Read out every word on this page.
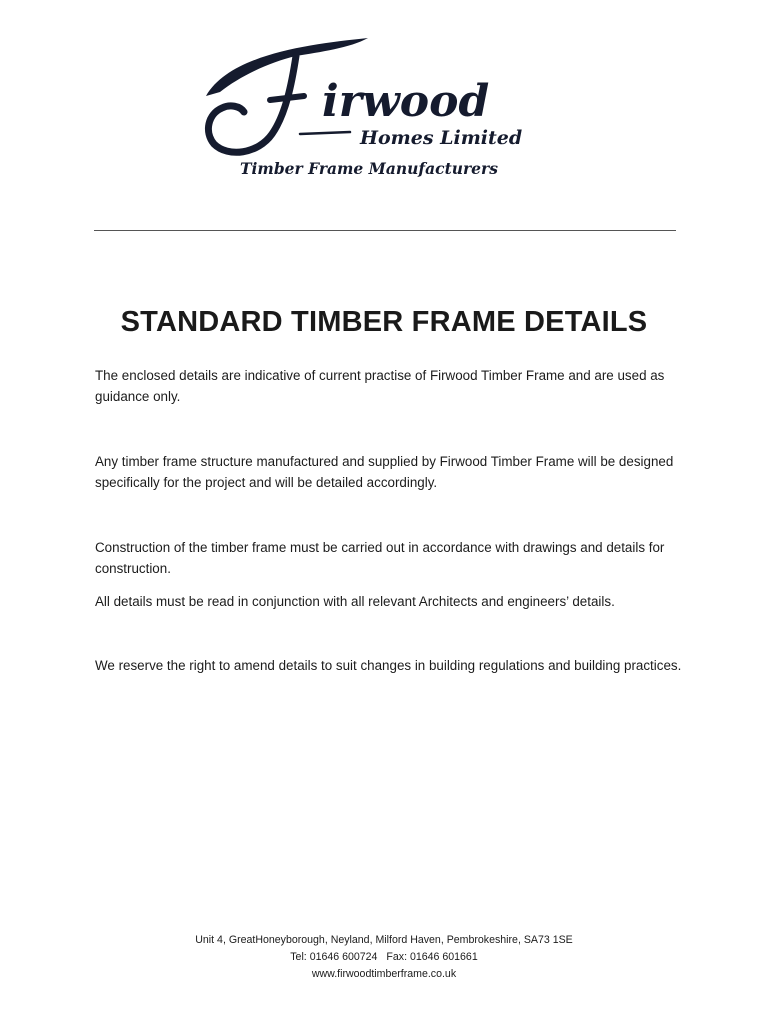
irwood
Homes Limited
Timber Frame Manufacturers
STANDARD TIMBER FRAME DETAILS

The enclosed details are indicative of current practise of Firwood Timber Frame and are used as guidance only.

Any timber frame structure manufactured and supplied by Firwood Timber Frame will be designed specifically for the project and will be detailed accordingly.

Construction of the timber frame must be carried out in accordance with drawings and details for construction.

All details must be read in conjunction with all relevant Architects and engineers’ details.

We reserve the right to amend details to suit changes in building regulations and building practices.

Unit 4, GreatHoneyborough, Neyland, Milford Haven, Pembrokeshire, SA73 1SE
Tel: 01646 600724 Fax: 01646 601661
www.firwoodtimberframe.co.uk
